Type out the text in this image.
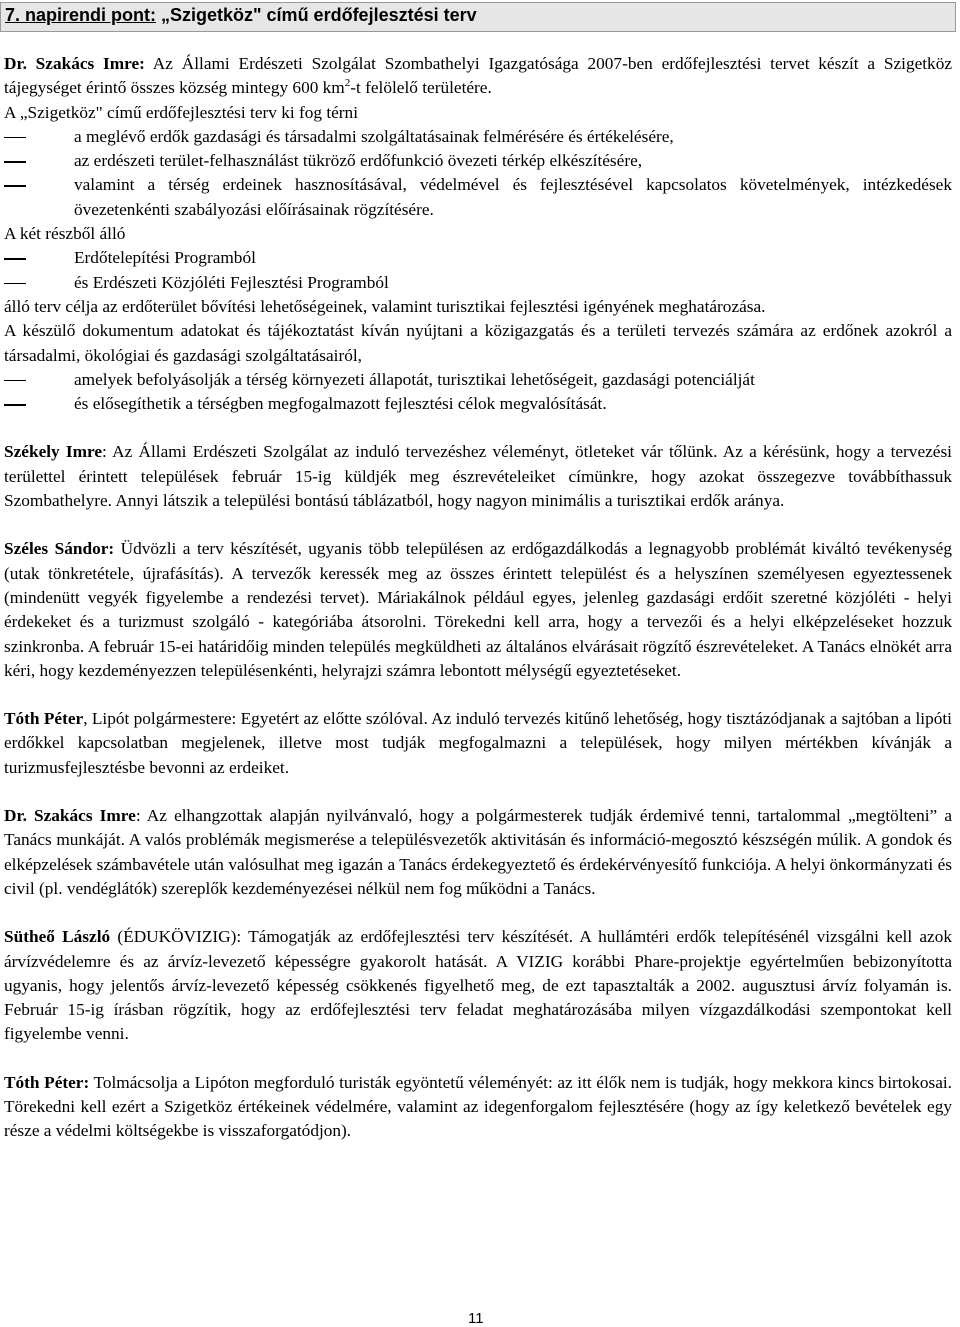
7. napirendi pont: „Szigetköz" című erdőfejlesztési terv

Dr. Szakács Imre: Az Állami Erdészeti Szolgálat Szombathelyi Igazgatósága 2007-ben erdőfejlesztési tervet készít a Szigetköz tájegységet érintő összes község mintegy 600 $km^2-t$ felölelő területére.

A „Szigetköz" című erdőfejlesztési terv ki fog térni

a meglévő erdők gazdasági és társadalmi szolgáltatásainak felmérésére és értékelésére,
az erdészeti terület-felhasználást tükröző erdőfunkció övezeti térkép elkészítésére,
valamint a térség erdeinek hasznosításával, védelmével és fejlesztésével kapcsolatos követelmények, intézkedések övezetenkénti szabályozási előírásainak rögzítésére.

A két részből álló

Erdőtelepítési Programból
és Erdészeti Közjóléti Fejlesztési Programból

álló terv célja az erdőterület bővítési lehetőségeinek, valamint turisztikai fejlesztési igényének meghatározása.

A készülő dokumentum adatokat és tájékoztatást kíván nyújtani a közigazgatás és a területi tervezés számára az erdőnek azokról a társadalmi, ökológiai és gazdasági szolgáltatásairól,

amelyek befolyásolják a térség környezeti állapotát, turisztikai lehetőségeit, gazdasági potenciálját
és elősegíthetik a térségben megfogalmazott fejlesztési célok megvalósítását.

Székely Imre: Az Állami Erdészeti Szolgálat az induló tervezéshez véleményt, ötleteket vár tőlünk. Az a kérésünk, hogy a tervezési területtel érintett települések február 15-ig küldjék meg észrevételeiket címünkre, hogy azokat összegezve továbbíthassuk Szombathelyre. Annyi látszik a települési bontású táblázatból, hogy nagyon minimális a turisztikai erdők aránya.

Széles Sándor: Üdvözli a terv készítését, ugyanis több településen az erdőgazdálkodás a legnagyobb problémát kiváltó tevékenység (utak tönkretétele, újrafásítás). A tervezők keressék meg az összes érintett települést és a helyszínen személyesen egyeztessenek (mindenütt vegyék figyelembe a rendezési tervet). Máriakálnok például egyes, jelenleg gazdasági erdőit szeretné közjóléti - helyi érdekeket és a turizmust szolgáló - kategóriába átsorolni. Törekedni kell arra, hogy a tervezői és a helyi elképzeléseket hozzuk szinkronba. A február 15-ei határidőig minden település megküldheti az általános elvárásait rögzítő észrevételeket. A Tanács elnökét arra kéri, hogy kezdeményezzen településenkénti, helyrajzi számra lebontott mélységű egyeztetéseket.

Tóth Péter, Lipót polgármestere: Egyetért az előtte szólóval. Az induló tervezés kitűnő lehetőség, hogy tisztázódjanak a sajtóban a lipóti erdőkkel kapcsolatban megjelenek, illetve most tudják megfogalmazni a települések, hogy milyen mértékben kívánják a turizmusfejlesztésbe bevonni az erdeiket.

Dr. Szakács Imre: Az elhangzottak alapján nyilvánvaló, hogy a polgármesterek tudják érdemivé tenni, tartalommal „megtölteni” a Tanács munkáját. A valós problémák megismerése a településvezetők aktivitásán és információ-megosztó készségén múlik. A gondok és elképzelések számbavétele után valósulhat meg igazán a Tanács érdekegyeztető és érdekérvényesítő funkciója. A helyi önkormányzati és civil (pl. vendéglátók) szereplők kezdeményezései nélkül nem fog működni a Tanács.

Sütheő László (ÉDUKÖVIZIG): Támogatják az erdőfejlesztési terv készítését. A hullámtéri erdők telepítésénél vizsgálni kell azok árvízvédelemre és az árvíz-levezető képességre gyakorolt hatását. A VIZIG korábbi Phare-projektje egyértelműen bebizonyította ugyanis, hogy jelentős árvíz-levezető képesség csökkenés figyelhető meg, de ezt tapasztalták a 2002. augusztusi árvíz folyamán is. Február 15-ig írásban rögzítik, hogy az erdőfejlesztési terv feladat meghatározásába milyen vízgazdálkodási szempontokat kell figyelembe venni.

Tóth Péter: Tolmácsolja a Lipóton megforduló turisták egyöntetű véleményét: az itt élők nem is tudják, hogy mekkora kincs birtokosai. Törekedni kell ezért a Szigetköz értékeinek védelmére, valamint az idegenforgalom fejlesztésére (hogy az így keletkező bevételek egy része a védelmi költségekbe is visszaforgatódjon).

11
